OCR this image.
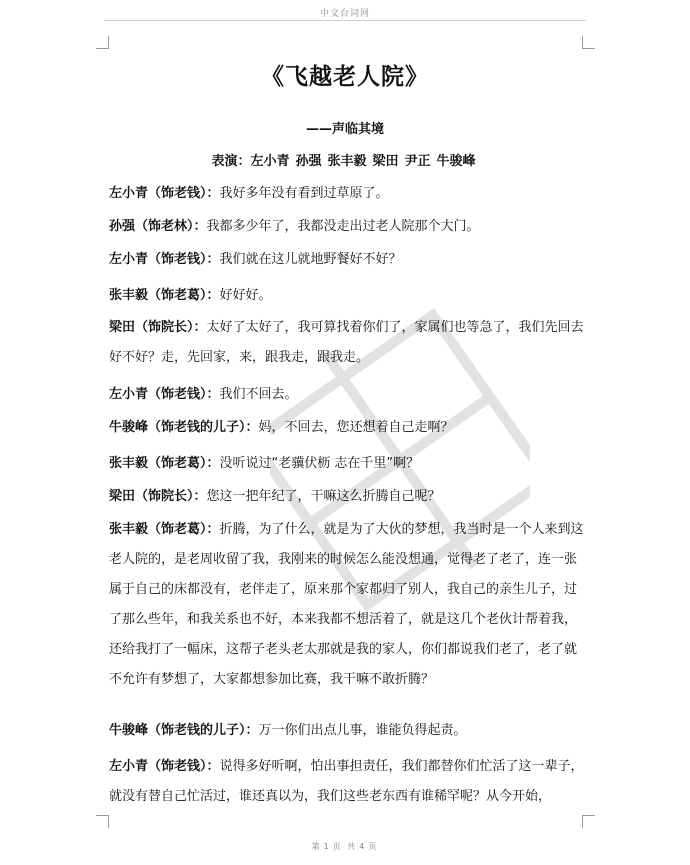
中文台词网
《飞越老人院》
——声临其境
表演：左小青 孙强 张丰毅 梁田 尹正 牛骏峰

左小青（饰老钱）：我好多年没有看到过草原了。

孙强（饰老林）：我都多少年了，我都没走出过老人院那个大门。

左小青（饰老钱）：我们就在这儿就地野餐好不好？

张丰毅（饰老葛）：好好好。

梁田（饰院长）：太好了太好了，我可算找着你们了，家属们也等急了，我们先回去好不好？走，先回家，来，跟我走，跟我走。

左小青（饰老钱）：我们不回去。

牛骏峰（饰老钱的儿子）：妈，不回去，您还想着自己走啊？

张丰毅（饰老葛）：没听说过“老骥伏枥 志在千里”啊？

梁田（饰院长）：您这一把年纪了，干嘛这么折腾自己呢？

张丰毅（饰老葛）：折腾，为了什么，就是为了大伙的梦想，我当时是一个人来到这老人院的，是老周收留了我，我刚来的时候怎么能没想通，觉得老了老了，连一张属于自己的床都没有，老伴走了，原来那个家都归了别人，我自己的亲生儿子，过了那么些年，和我关系也不好，本来我都不想活着了，就是这几个老伙计帮着我，还给我打了一幅床，这帮子老头老太那就是我的家人，你们都说我们老了，老了就不允许有梦想了，大家都想参加比赛，我干嘛不敢折腾？

牛骏峰（饰老钱的儿子）：万一你们出点儿事，谁能负得起责。

左小青（饰老钱）：说得多好听啊，怕出事担责任，我们都替你们忙活了这一辈子，就没有替自己忙活过，谁还真以为，我们这些老东西有谁稀罕呢？从今开始，

第 1 页 共 4 页
